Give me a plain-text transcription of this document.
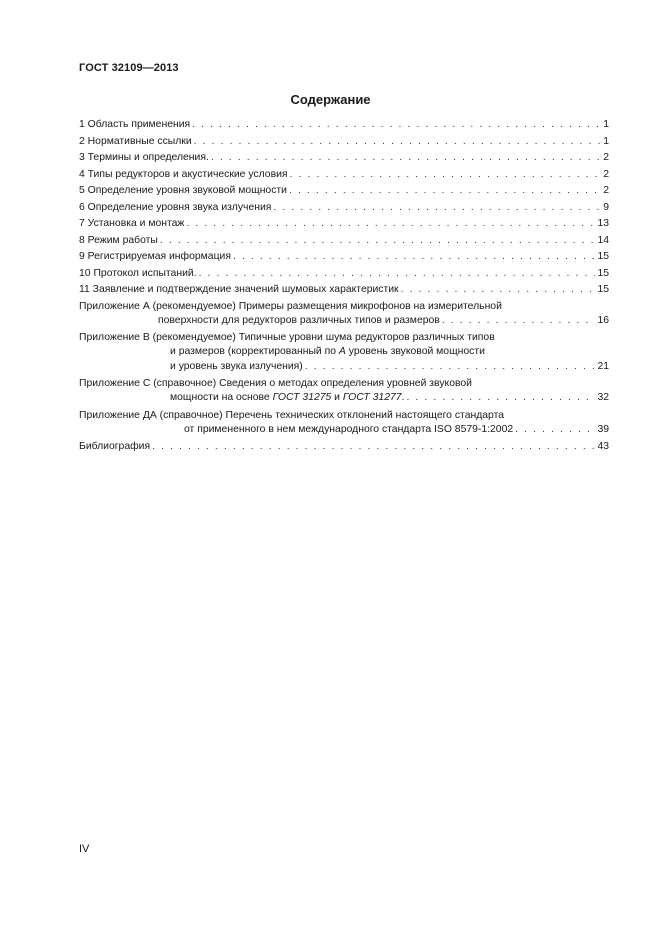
ГОСТ 32109—2013
Содержание
1 Область применения . . .	1
2 Нормативные ссылки . . .	1
3 Термины и определения. . . .	2
4 Типы редукторов и акустические условия . . .	2
5 Определение уровня звуковой мощности . . .	2
6 Определение уровня звука излучения . . .	9
7 Установка и монтаж . . .	13
8 Режим работы . . .	14
9 Регистрируемая информация . . .	15
10 Протокол испытаний. . . .	15
11 Заявление и подтверждение значений шумовых характеристик . . .	15
Приложение А (рекомендуемое) Примеры размещения микрофонов на измерительной
поверхности для редукторов различных типов и размеров . . .	16
Приложение В (рекомендуемое) Типичные уровни шума редукторов различных типов
и размеров (корректированный по А уровень звуковой мощности
и уровень звука излучения) . . .	21
Приложение С (справочное) Сведения о методах определения уровней звуковой
мощности на основе ГОСТ 31275 и ГОСТ 31277. . . .	32
Приложение ДА (справочное) Перечень технических отклонений настоящего стандарта
от примененного в нем международного стандарта ISO 8579-1:2002 . . .	39
Библиография . . .	43
IV
